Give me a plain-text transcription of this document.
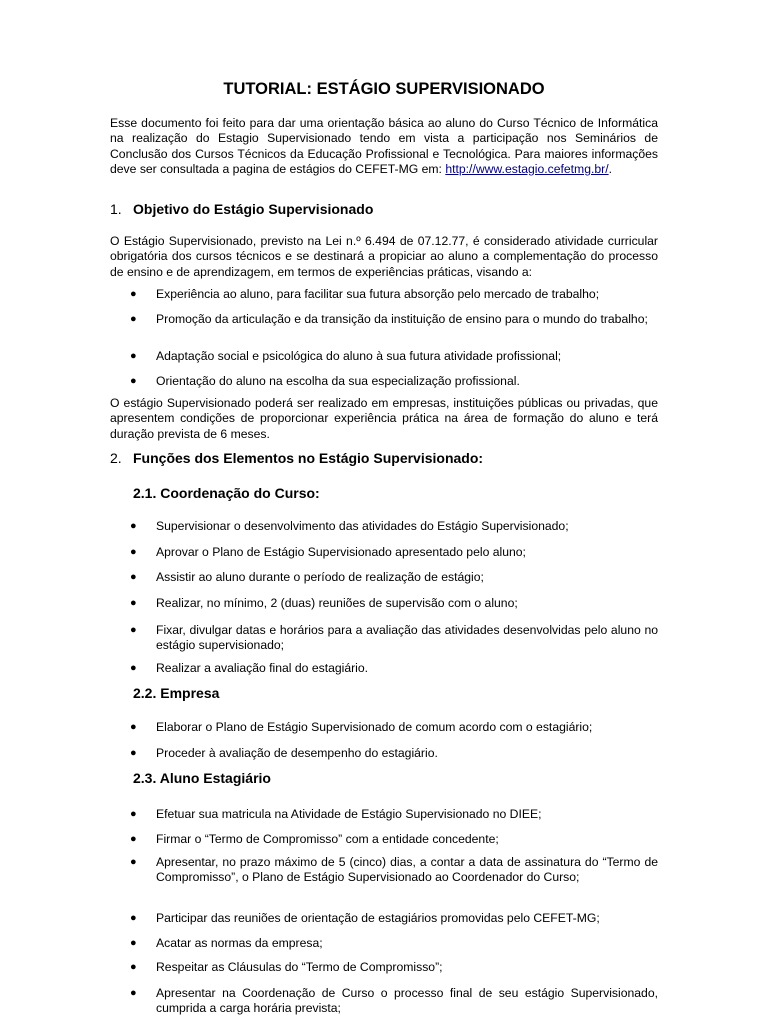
TUTORIAL: ESTÁGIO SUPERVISIONADO
Esse documento foi feito para dar uma orientação básica ao aluno do Curso Técnico de Informática na realização do Estagio Supervisionado tendo em vista a participação nos Seminários de Conclusão dos Cursos Técnicos da Educação Profissional e Tecnológica. Para maiores informações deve ser consultada a pagina de estágios do CEFET-MG em: http://www.estagio.cefetmg.br/.
1. Objetivo do Estágio Supervisionado
O Estágio Supervisionado, previsto na Lei n.º 6.494 de 07.12.77, é considerado atividade curricular obrigatória dos cursos técnicos e se destinará a propiciar ao aluno a complementação do processo de ensino e de aprendizagem, em termos de experiências práticas, visando a:
● Experiência ao aluno, para facilitar sua futura absorção pelo mercado de trabalho;
● Promoção da articulação e da transição da instituição de ensino para o mundo do trabalho;
● Adaptação social e psicológica do aluno à sua futura atividade profissional;
● Orientação do aluno na escolha da sua especialização profissional.
O estágio Supervisionado poderá ser realizado em empresas, instituições públicas ou privadas, que apresentem condições de proporcionar experiência prática na área de formação do aluno e terá duração prevista de 6 meses.
2. Funções dos Elementos no Estágio Supervisionado:
2.1. Coordenação do Curso:
● Supervisionar o desenvolvimento das atividades do Estágio Supervisionado;
● Aprovar o Plano de Estágio Supervisionado apresentado pelo aluno;
● Assistir ao aluno durante o período de realização de estágio;
● Realizar, no mínimo, 2 (duas) reuniões de supervisão com o aluno;
● Fixar, divulgar datas e horários para a avaliação das atividades desenvolvidas pelo aluno no estágio supervisionado;
● Realizar a avaliação final do estagiário.
2.2. Empresa
● Elaborar o Plano de Estágio Supervisionado de comum acordo com o estagiário;
● Proceder à avaliação de desempenho do estagiário.
2.3. Aluno Estagiário
● Efetuar sua matricula na Atividade de Estágio Supervisionado no DIEE;
● Firmar o “Termo de Compromisso” com a entidade concedente;
● Apresentar, no prazo máximo de 5 (cinco) dias, a contar a data de assinatura do “Termo de Compromisso”, o Plano de Estágio Supervisionado ao Coordenador do Curso;
● Participar das reuniões de orientação de estagiários promovidas pelo CEFET-MG;
● Acatar as normas da empresa;
● Respeitar as Cláusulas do “Termo de Compromisso”;
● Apresentar na Coordenação de Curso o processo final de seu estágio Supervisionado, cumprida a carga horária prevista;
